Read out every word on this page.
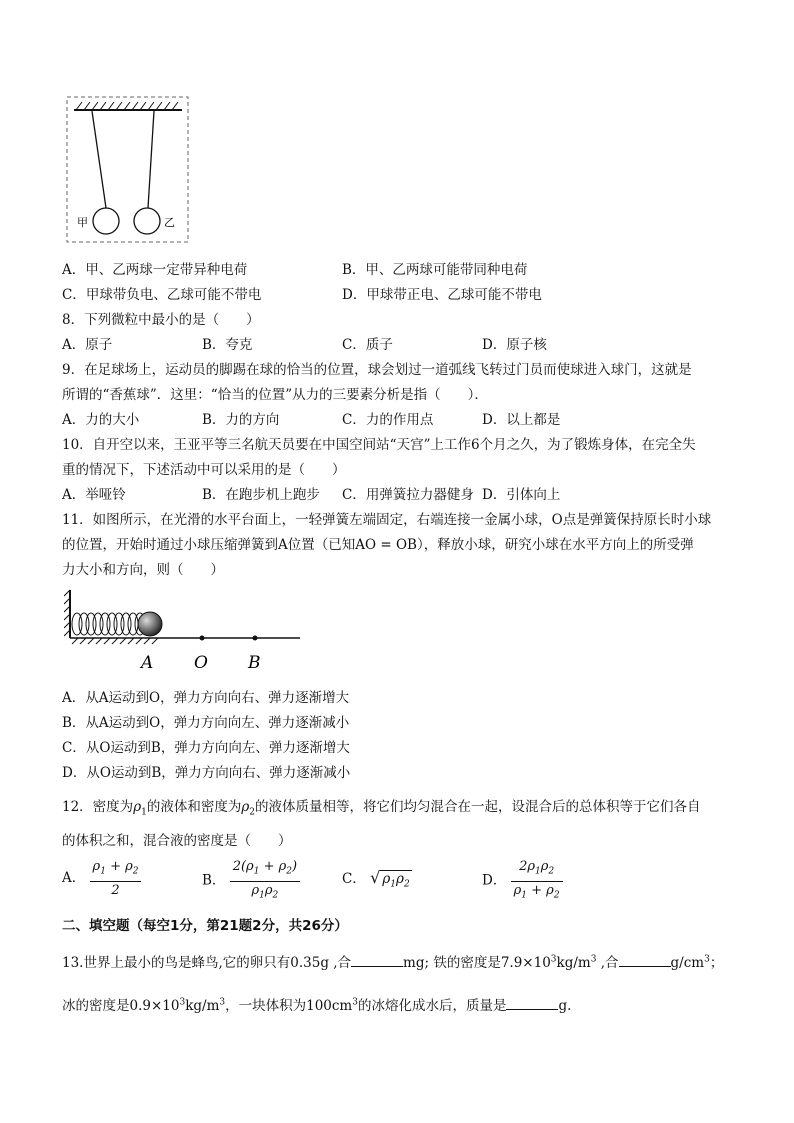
甲	乙
A．甲、乙两球一定带异种电荷	B．甲、乙两球可能带同种电荷
C．甲球带负电、乙球可能不带电	D．甲球带正电、乙球可能不带电
8．下列微粒中最小的是（　　）
A．原子	B．夸克	C．质子	D．原子核
9．在足球场上，运动员的脚踢在球的恰当的位置，球会划过一道弧线飞转过门员而使球进入球门，这就是
所谓的“香蕉球”．这里：“恰当的位置”从力的三要素分析是指（　　）．
A．力的大小	B．力的方向	C．力的作用点	D．以上都是
10．自开空以来，王亚平等三名航天员要在中国空间站“天宫”上工作6个月之久，为了锻炼身体，在完全失
重的情况下，下述活动中可以采用的是（　　）
A．举哑铃	B．在跑步机上跑步 C．用弹簧拉力器健身 D．引体向上
11．如图所示，在光滑的水平台面上，一轻弹簧左端固定，右端连接一金属小球，O点是弹簧保持原长时小球
的位置，开始时通过小球压缩弹簧到A位置（已知AO = OB），释放小球，研究小球在水平方向上的所受弹
力大小和方向，则（　　）
A O B
A．从A运动到O，弹力方向向右、弹力逐渐增大
B．从A运动到O，弹力方向向左、弹力逐渐减小
C．从O运动到B，弹力方向向左、弹力逐渐增大
D．从O运动到B，弹力方向向右、弹力逐渐减小
12．密度为$\rho_1$的液体和密度为$\rho_2$的液体质量相等，将它们均匀混合在一起，设混合后的总体积等于它们各自
的体积之和，混合液的密度是（　　）
A． $\frac{\rho_1 + \rho_2}{2}$	B． $\frac{2(\rho_1 + \rho_2)}{\rho_1\rho_2}$	C． √ $\rho_1\rho_2$	D． $\frac{2\rho_1\rho_2}{\rho_1 + \rho_2}$
二、填空题（每空1分，第21题2分，共26分）
13.世界上最小的鸟是蜂鸟,它的卵只有0.35g ,合	mg; 铁的密度是$7.9\times 10^3kg/m^3$ ,合	$g/cm^3$；
冰的密度是$0.9\times 10^3kg/m^3$，一块体积为$100cm^3$的冰熔化成水后，质量是	g.
